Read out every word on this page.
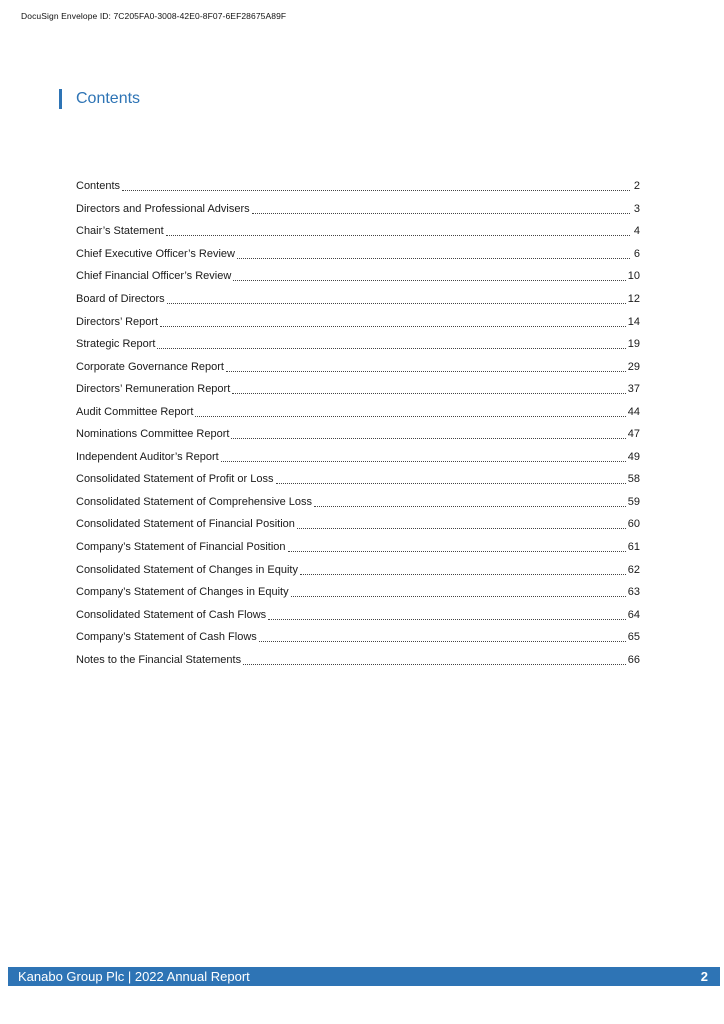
DocuSign Envelope ID: 7C205FA0-3008-42E0-8F07-6EF28675A89F
Contents
Contents	2
Directors and Professional Advisers	3
Chair’s Statement	4
Chief Executive Officer’s Review	6
Chief Financial Officer’s Review	10
Board of Directors	12
Directors’ Report	14
Strategic Report	19
Corporate Governance Report	29
Directors’ Remuneration Report	37
Audit Committee Report	44
Nominations Committee Report	47
Independent Auditor’s Report	49
Consolidated Statement of Profit or Loss	58
Consolidated Statement of Comprehensive Loss	59
Consolidated Statement of Financial Position	60
Company’s Statement of Financial Position	61
Consolidated Statement of Changes in Equity	62
Company’s Statement of Changes in Equity	63
Consolidated Statement of Cash Flows	64
Company’s Statement of Cash Flows	65
Notes to the Financial Statements	66
Kanabo Group Plc | 2022 Annual Report	2
